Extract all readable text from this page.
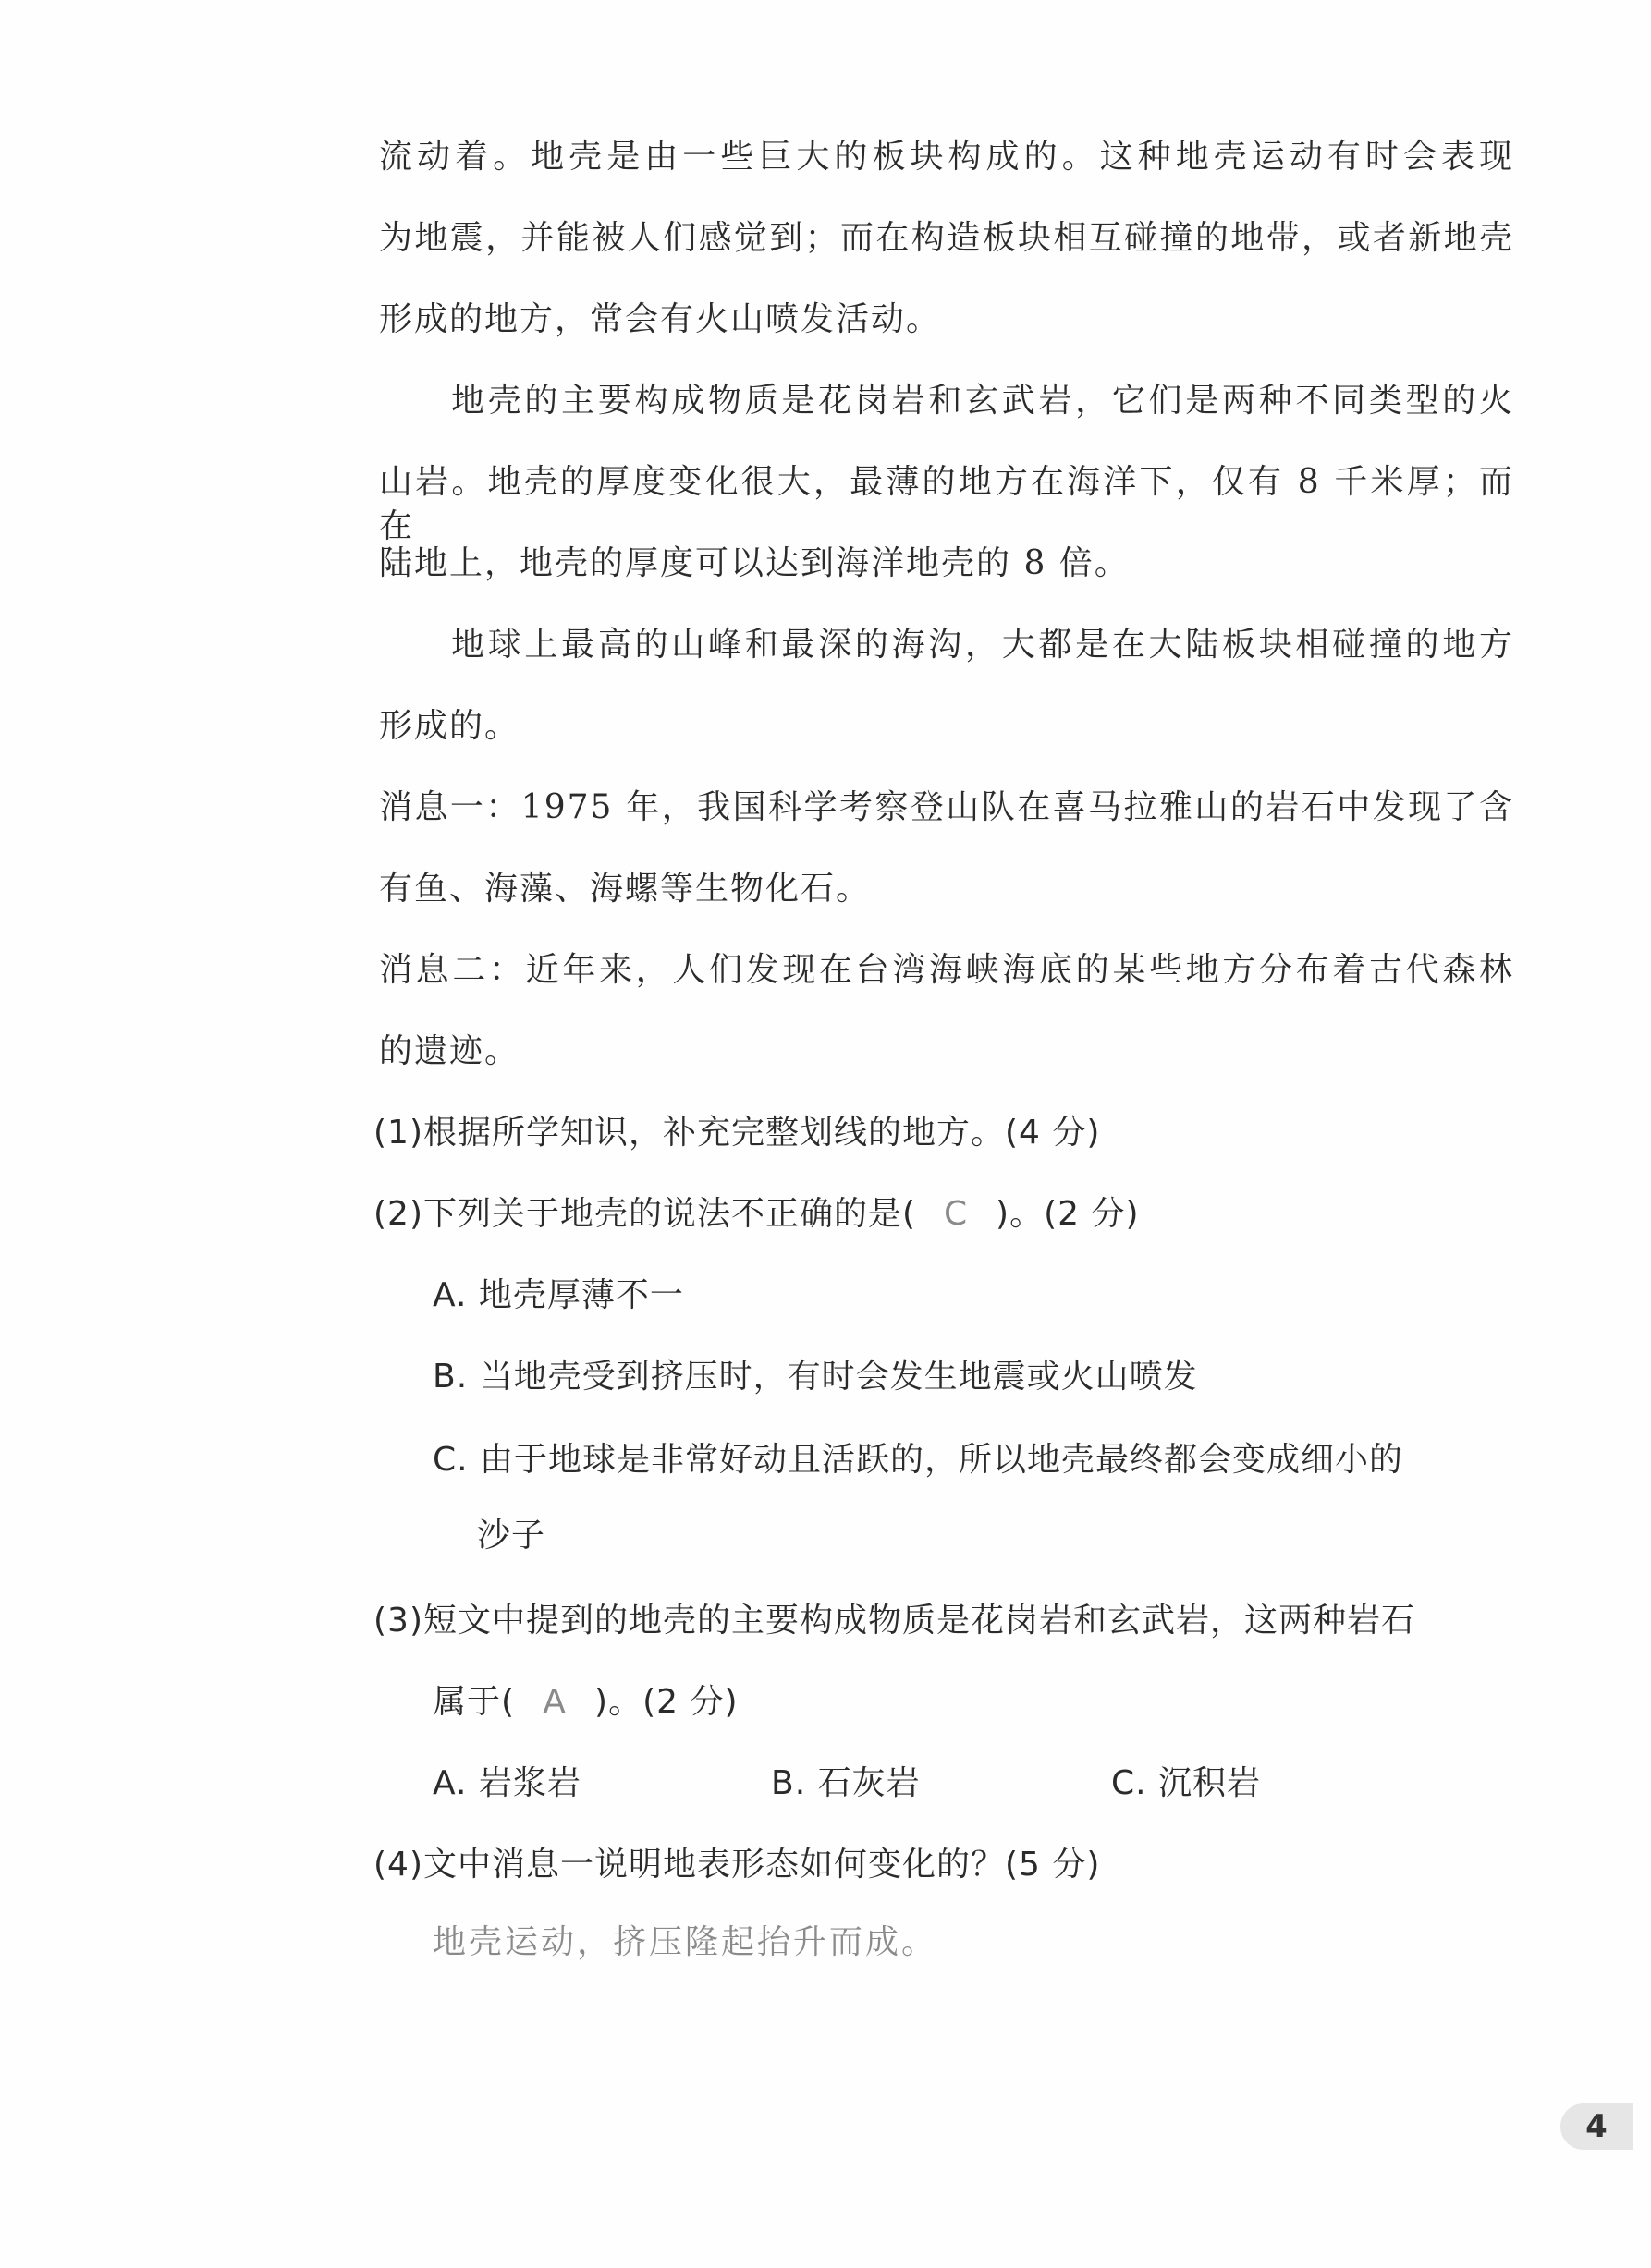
流动着。地壳是由一些巨大的板块构成的。这种地壳运动有时会表现
为地震，并能被人们感觉到；而在构造板块相互碰撞的地带，或者新地壳
形成的地方，常会有火山喷发活动。
地壳的主要构成物质是花岗岩和玄武岩，它们是两种不同类型的火
山岩。地壳的厚度变化很大，最薄的地方在海洋下，仅有 8 千米厚；而在
陆地上，地壳的厚度可以达到海洋地壳的 8 倍。
地球上最高的山峰和最深的海沟，大都是在大陆板块相碰撞的地方
形成的。
消息一：1975 年，我国科学考察登山队在喜马拉雅山的岩石中发现了含
有鱼、海藻、海螺等生物化石。
消息二：近年来，人们发现在台湾海峡海底的某些地方分布着古代森林
的遗迹。
(1)根据所学知识，补充完整划线的地方。(4 分)
(2)下列关于地壳的说法不正确的是( C )。(2 分)
A. 地壳厚薄不一
B. 当地壳受到挤压时，有时会发生地震或火山喷发
C. 由于地球是非常好动且活跃的，所以地壳最终都会变成细小的
沙子
(3)短文中提到的地壳的主要构成物质是花岗岩和玄武岩，这两种岩石
属于( A )。(2 分)
A. 岩浆岩	B. 石灰岩	C. 沉积岩
(4)文中消息一说明地表形态如何变化的？(5 分)
地壳运动，挤压隆起抬升而成。
4
